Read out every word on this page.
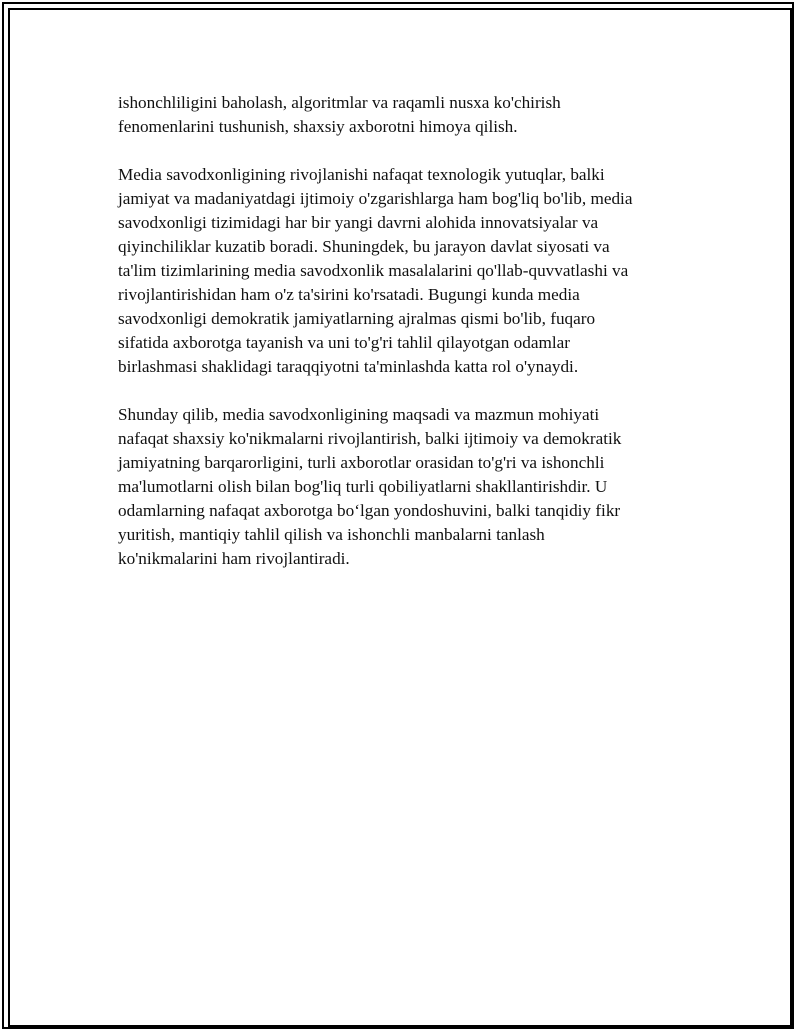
ishonchliligini baholash, algoritmlar va raqamli nusxa ko'chirish
fenomenlarini tushunish, shaxsiy axborotni himoya qilish.

Media savodxonligining rivojlanishi nafaqat texnologik yutuqlar, balki
jamiyat va madaniyatdagi ijtimoiy o'zgarishlarga ham bog'liq bo'lib, media
savodxonligi tizimidagi har bir yangi davrni alohida innovatsiyalar va
qiyinchiliklar kuzatib boradi. Shuningdek, bu jarayon davlat siyosati va
ta'lim tizimlarining media savodxonlik masalalarini qo'llab-quvvatlashi va
rivojlantirishidan ham o'z ta'sirini ko'rsatadi. Bugungi kunda media
savodxonligi demokratik jamiyatlarning ajralmas qismi bo'lib, fuqaro
sifatida axborotga tayanish va uni to'g'ri tahlil qilayotgan odamlar
birlashmasi shaklidagi taraqqiyotni ta'minlashda katta rol o'ynaydi.

Shunday qilib, media savodxonligining maqsadi va mazmun mohiyati
nafaqat shaxsiy ko'nikmalarni rivojlantirish, balki ijtimoiy va demokratik
jamiyatning barqarorligini, turli axborotlar orasidan to'g'ri va ishonchli
ma'lumotlarni olish bilan bog'liq turli qobiliyatlarni shakllantirishdir. U
odamlarning nafaqat axborotga bo‘lgan yondoshuvini, balki tanqidiy fikr
yuritish, mantiqiy tahlil qilish va ishonchli manbalarni tanlash
ko'nikmalarini ham rivojlantiradi.
